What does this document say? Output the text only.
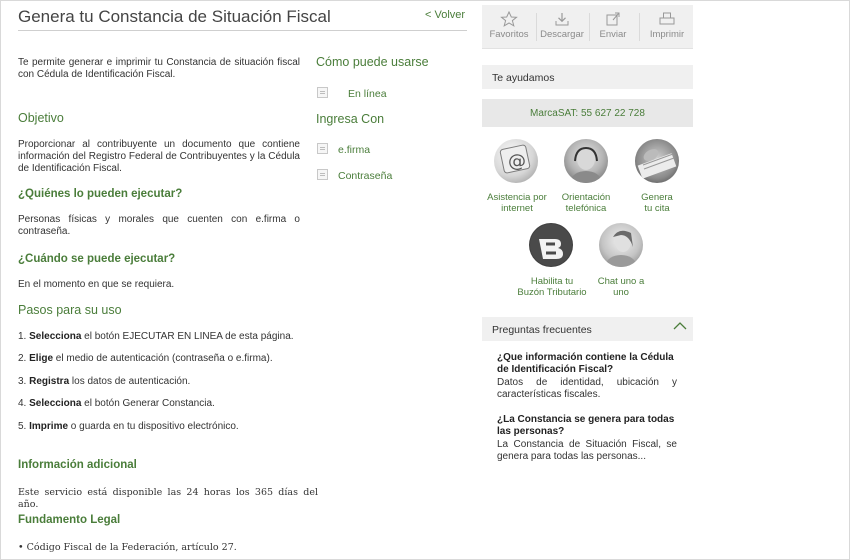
Genera tu Constancia de Situación Fiscal	< Volver
Te permite generar e imprimir tu Constancia de situación fiscal con Cédula de Identificación Fiscal.
Objetivo
Proporcionar al contribuyente un documento que contiene información del Registro Federal de Contribuyentes y la Cédula de Identificación Fiscal.
¿Quiénes lo pueden ejecutar?
Personas físicas y morales que cuenten con e.firma o contraseña.
¿Cuándo se puede ejecutar?
En el momento en que se requiera.
Pasos para su uso
1. Selecciona el botón EJECUTAR EN LINEA de esta página.
2. Elige el medio de autenticación (contraseña o e.firma).
3. Registra los datos de autenticación.
4. Selecciona el botón Generar Constancia.
5. Imprime o guarda en tu dispositivo electrónico.
Información adicional
Este servicio está disponible las 24 horas los 365 días del año.
Fundamento Legal
• Código Fiscal de la Federación, artículo 27.
Cómo puede usarse
En línea
Ingresa Con
e.firma
Contraseña
Favoritos Descargar	Enviar	Imprimir
Te ayudamos
MarcaSAT: 55 627 22 728
@
Asistencia por
internet
Orientación
telefónica
Genera
tu cita
Habilita tu
Buzón Tributario
Chat uno a
uno
Preguntas frecuentes
¿Que información contiene la Cédula de Identificación Fiscal?
Datos de identidad, ubicación y características fiscales.
¿La Constancia se genera para todas las personas?
La Constancia de Situación Fiscal, se genera para todas las personas...
